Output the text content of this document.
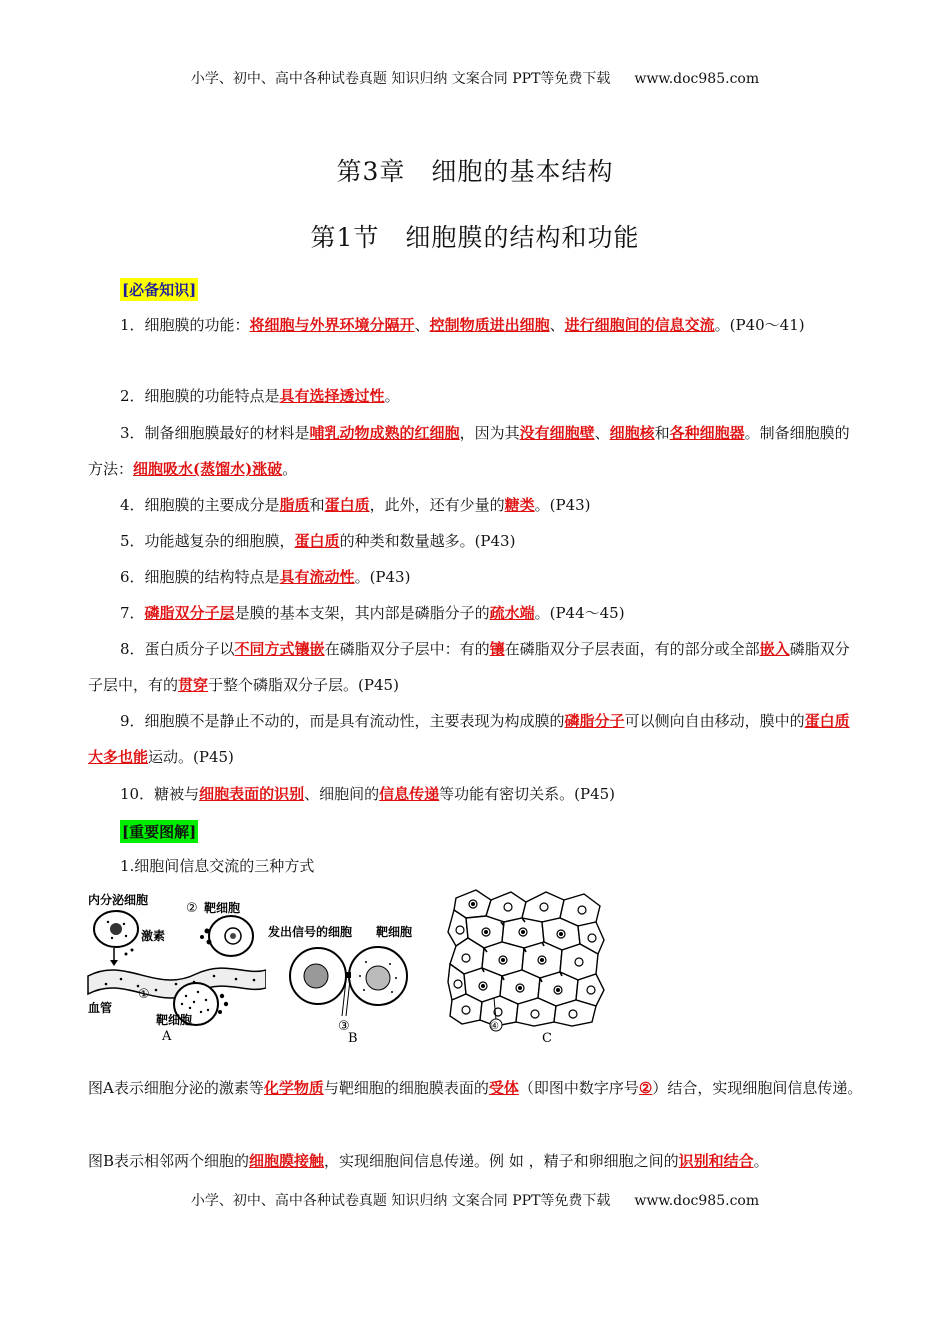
小学、初中、高中各种试卷真题 知识归纳 文案合同 PPT等免费下载 www.doc985.com
第3章　细胞的基本结构
第1节　细胞膜的结构和功能
[必备知识]
1．细胞膜的功能：将细胞与外界环境分隔开、控制物质进出细胞、进行细胞间的信息交流。(P40～41)
2．细胞膜的功能特点是具有选择透过性。
3．制备细胞膜最好的材料是哺乳动物成熟的红细胞，因为其没有细胞壁、细胞核和各种细胞器。制备细胞膜的方法：细胞吸水(蒸馏水)涨破。
4．细胞膜的主要成分是脂质和蛋白质，此外，还有少量的糖类。(P43)
5．功能越复杂的细胞膜，蛋白质的种类和数量越多。(P43)
6．细胞膜的结构特点是具有流动性。(P43)
7．磷脂双分子层是膜的基本支架，其内部是磷脂分子的疏水端。(P44～45)
8．蛋白质分子以不同方式镶嵌在磷脂双分子层中：有的镶在磷脂双分子层表面，有的部分或全部嵌入磷脂双分子层中，有的贯穿于整个磷脂双分子层。(P45)
9．细胞膜不是静止不动的，而是具有流动性，主要表现为构成膜的磷脂分子可以侧向自由移动，膜中的蛋白质大多也能运动。(P45)
10．糖被与细胞表面的识别、细胞间的信息传递等功能有密切关系。(P45)
[重要图解]
1.细胞间信息交流的三种方式
内分泌细胞
② 靶细胞
激素
血管
①
靶细胞
A
发出信号的细胞 靶细胞
③
B
④
C
图A表示细胞分泌的激素等化学物质与靶细胞的细胞膜表面的受体（即图中数字序号②）结合，实现细胞间信息传递。
图B表示相邻两个细胞的细胞膜接触，实现细胞间信息传递。例 如 ，精子和卵细胞之间的识别和结合。
小学、初中、高中各种试卷真题 知识归纳 文案合同 PPT等免费下载 www.doc985.com
